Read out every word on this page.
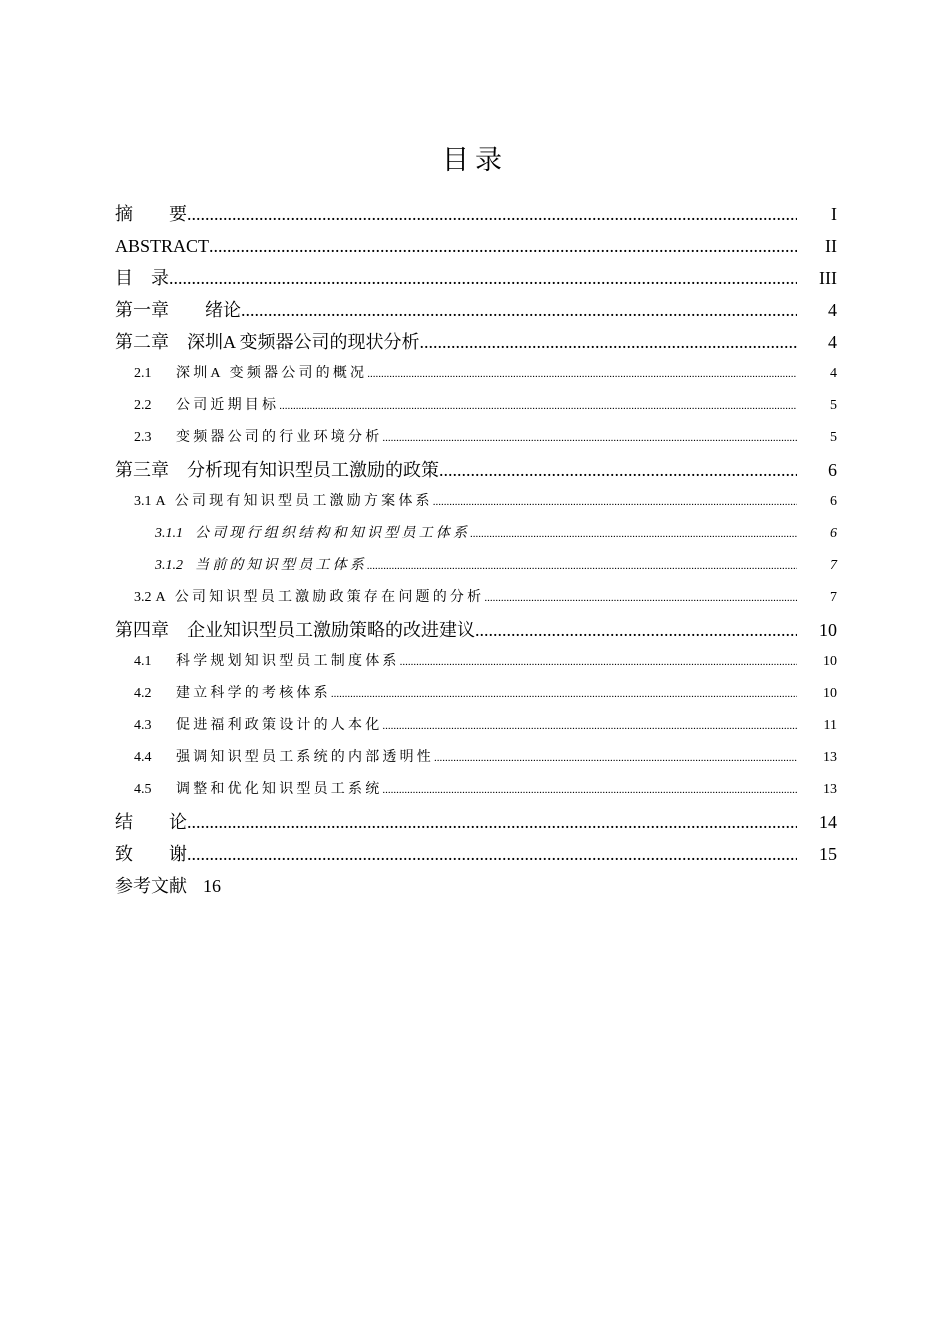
目录
摘　　要 .....	I
ABSTRACT .....	II
目　录 .....	III
第一章　　绪论 .....	4
第二章　深圳A 变频器公司的现状分析 .....	4
2.1 深圳A 变频器公司的概况 .....	4
2.2 公司近期目标 .....	5
2.3 变频器公司的行业环境分析 .....	5
第三章　分析现有知识型员工激励的政策 .....	6
3.1 A 公司现有知识型员工激励方案体系 .....	6
3.1.1 公司现行组织结构和知识型员工体系 .....	6
3.1.2 当前的知识型员工体系 .....	7
3.2 A 公司知识型员工激励政策存在问题的分析 .....	7
第四章　企业知识型员工激励策略的改进建议 .....	10
4.1 科学规划知识型员工制度体系 .....	10
4.2 建立科学的考核体系 .....	10
4.3 促进福利政策设计的人本化 .....	11
4.4 强调知识型员工系统的内部透明性 .....	13
4.5 调整和优化知识型员工系统 .....	13
结　　论 .....	14
致　　谢 .....	15
参考文献 16
